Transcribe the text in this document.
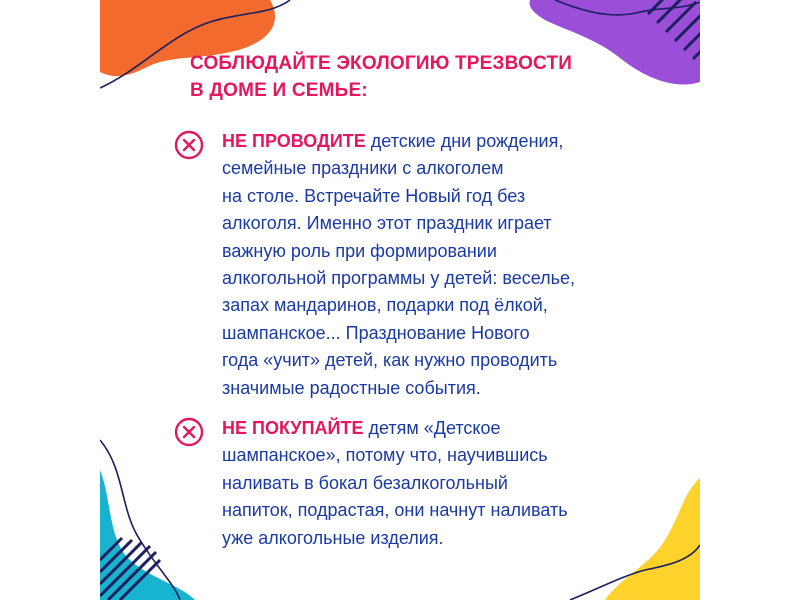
СОБЛЮДАЙТЕ ЭКОЛОГИЮ ТРЕЗВОСТИ
В ДОМЕ И СЕМЬЕ:
НЕ ПРОВОДИТЕ детские дни рождения,
семейные праздники с алкоголем
на столе. Встречайте Новый год без
алкоголя. Именно этот праздник играет
важную роль при формировании
алкогольной программы у детей: веселье,
запах мандаринов, подарки под ёлкой,
шампанское... Празднование Нового
года «учит» детей, как нужно проводить
значимые радостные события.
НЕ ПОКУПАЙТЕ детям «Детское
шампанское», потому что, научившись
наливать в бокал безалкогольный
напиток, подрастая, они начнут наливать
уже алкогольные изделия.
